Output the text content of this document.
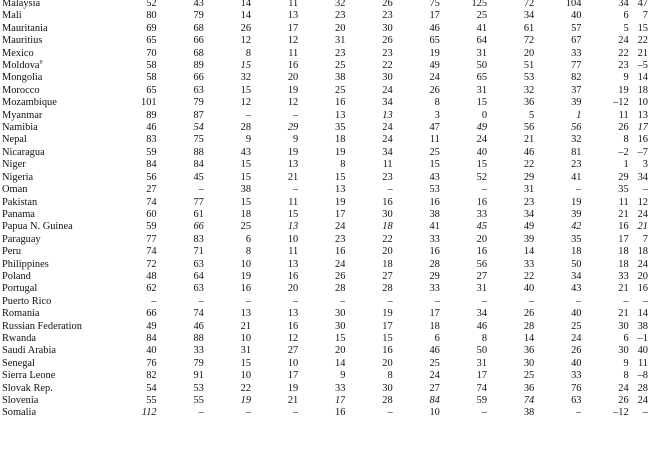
Malaysia	52	43	14	11	32	26	75	125	72	104	34	47
Mali	80	79	14	13	23	23	17	25	34	40	6	7
Mauritania	69	68	26	17	20	30	46	41	61	57	5	15
Mauritius	65	66	12	12	31	26	65	64	72	67	24	22
Mexico	70	68	8	11	23	23	19	31	20	33	22	21
Moldova$^b$	58	89	15	16	25	22	49	50	51	77	23	–5
Mongolia	58	66	32	20	38	30	24	65	53	82	9	14
Morocco	65	63	15	19	25	24	26	31	32	37	19	18
Mozambique	101	79	12	12	16	34	8	15	36	39	–12	10
Myanmar	89	87	–	–	13	13	3	0	5	1	11	13
Namibia	46	54	28	29	35	24	47	49	56	56	26	17
Nepal	83	75	9	9	18	24	11	24	21	32	8	16
Nicaragua	59	88	43	19	19	34	25	40	46	81	–2	–7
Niger	84	84	15	13	8	11	15	15	22	23	1	3
Nigeria	56	45	15	21	15	23	43	52	29	41	29	34
Oman	27	–	38	–	13	–	53	–	31	–	35	–
Pakistan	74	77	15	11	19	16	16	16	23	19	11	12
Panama	60	61	18	15	17	30	38	33	34	39	21	24
Papua N. Guinea	59	66	25	13	24	18	41	45	49	42	16	21
Paraguay	77	83	6	10	23	22	33	20	39	35	17	7
Peru	74	71	8	11	16	20	16	16	14	18	18	18
Philippines	72	63	10	13	24	18	28	56	33	50	18	24
Poland	48	64	19	16	26	27	29	27	22	34	33	20
Portugal	62	63	16	20	28	28	33	31	40	43	21	16
Puerto Rico	–	–	–	–	–	–	–	–	–	–	–	–
Romania	66	74	13	13	30	19	17	34	26	40	21	14
Russian Federation	49	46	21	16	30	17	18	46	28	25	30	38
Rwanda	84	88	10	12	15	15	6	8	14	24	6	–1
Saudi Arabia	40	33	31	27	20	16	46	50	36	26	30	40
Senegal	76	79	15	10	14	20	25	31	30	40	9	11
Sierra Leone	82	91	10	17	9	8	24	17	25	33	8	–8
Slovak Rep.	54	53	22	19	33	30	27	74	36	76	24	28
Slovenia	55	55	19	21	17	28	84	59	74	63	26	24
Somalia	112	–	–	–	16	–	10	–	38	–	–12	–
